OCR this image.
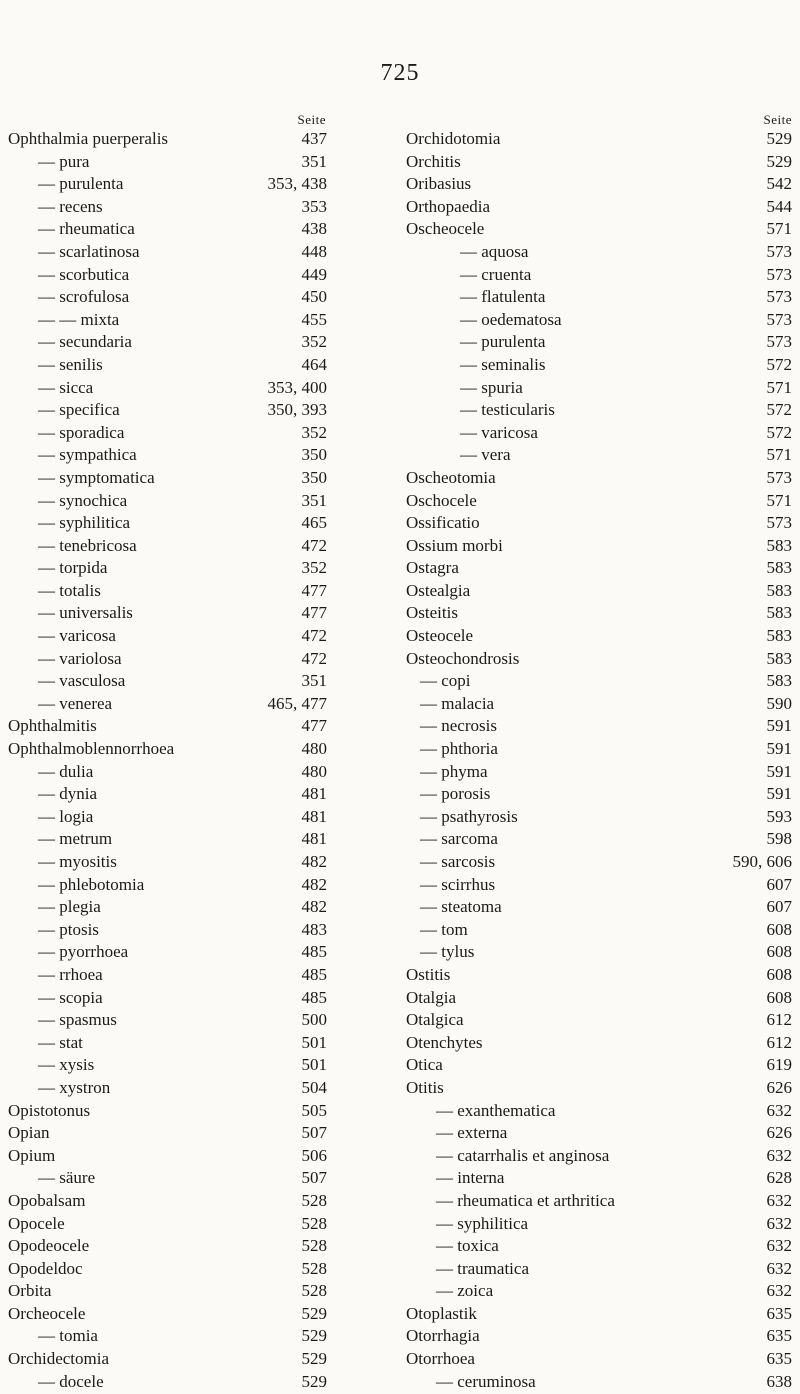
725
Seite
Ophthalmia puerperalis	437
— pura	351
— purulenta	353, 438
— recens	353
— rheumatica	438
— scarlatinosa	448
— scorbutica	449
— scrofulosa	450
— — mixta	455
— secundaria	352
— senilis	464
— sicca	353, 400
— specifica	350, 393
— sporadica	352
— sympathica	350
— symptomatica	350
— synochica	351
— syphilitica	465
— tenebricosa	472
— torpida	352
— totalis	477
— universalis	477
— varicosa	472
— variolosa	472
— vasculosa	351
— venerea	465, 477
Ophthalmitis	477
Ophthalmoblennorrhoea	480
— dulia	480
— dynia	481
— logia	481
— metrum	481
— myositis	482
— phlebotomia	482
— plegia	482
— ptosis	483
— pyorrhoea	485
— rrhoea	485
— scopia	485
— spasmus	500
— stat	501
— xysis	501
— xystron	504
Opistotonus	505
Opian	507
Opium	506
— säure	507
Opobalsam	528
Opocele	528
Opodeocele	528
Opodeldoc	528
Orbita	528
Orcheocele	529
— tomia	529
Orchidectomia	529
— docele	529
Seite
Orchidotomia	529
Orchitis	529
Oribasius	542
Orthopaedia	544
Oscheocele	571
— aquosa	573
— cruenta	573
— flatulenta	573
— oedematosa	573
— purulenta	573
— seminalis	572
— spuria	571
— testicularis	572
— varicosa	572
— vera	571
Oscheotomia	573
Oschocele	571
Ossificatio	573
Ossium morbi	583
Ostagra	583
Ostealgia	583
Osteitis	583
Osteocele	583
Osteochondrosis	583
— copi	583
— malacia	590
— necrosis	591
— phthoria	591
— phyma	591
— porosis	591
— psathyrosis	593
— sarcoma	598
— sarcosis	590, 606
— scirrhus	607
— steatoma	607
— tom	608
— tylus	608
Ostitis	608
Otalgia	608
Otalgica	612
Otenchytes	612
Otica	619
Otitis	626
— exanthematica	632
— externa	626
— catarrhalis et anginosa	632
— interna	628
— rheumatica et arthritica	632
— syphilitica	632
— toxica	632
— traumatica	632
— zoica	632
Otoplastik	635
Otorrhagia	635
Otorrhoea	635
— ceruminosa	638
